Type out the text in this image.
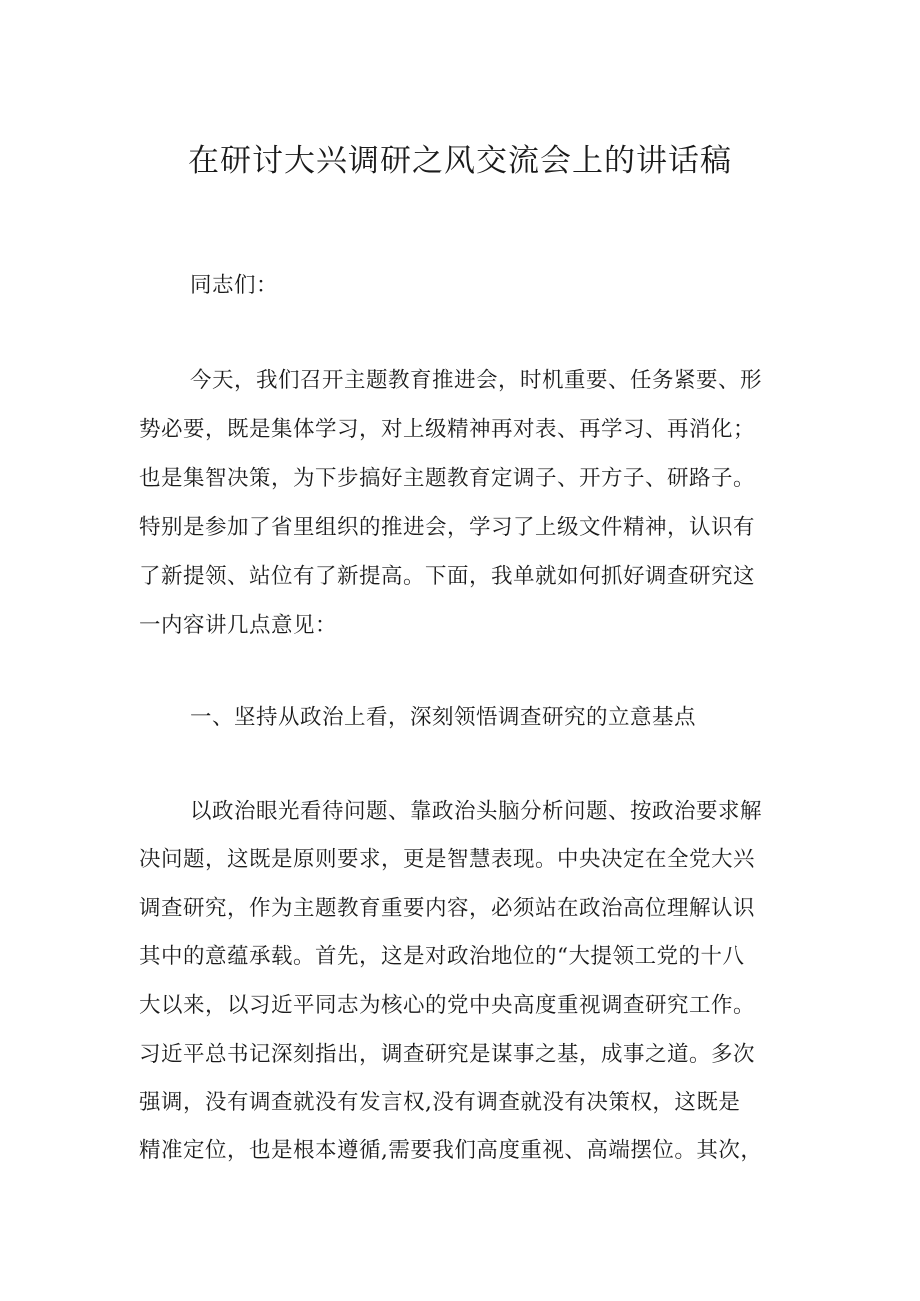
在研讨大兴调研之风交流会上的讲话稿

同志们：

今天，我们召开主题教育推进会，时机重要、任务紧要、形

势必要，既是集体学习，对上级精神再对表、再学习、再消化；

也是集智决策，为下步搞好主题教育定调子、开方子、研路子。

特别是参加了省里组织的推进会，学习了上级文件精神，认识有

了新提领、站位有了新提高。下面，我单就如何抓好调查研究这

一内容讲几点意见：

一、坚持从政治上看，深刻领悟调查研究的立意基点

以政治眼光看待问题、靠政治头脑分析问题、按政治要求解

决问题，这既是原则要求，更是智慧表现。中央决定在全党大兴

调查研究，作为主题教育重要内容，必须站在政治高位理解认识

其中的意蕴承载。首先，这是对政治地位的“大提领工党的十八

大以来，以习近平同志为核心的党中央高度重视调查研究工作。

习近平总书记深刻指出，调查研究是谋事之基，成事之道。多次

强调，没有调查就没有发言权,没有调查就没有决策权，这既是

精准定位，也是根本遵循,需要我们高度重视、高端摆位。其次，
